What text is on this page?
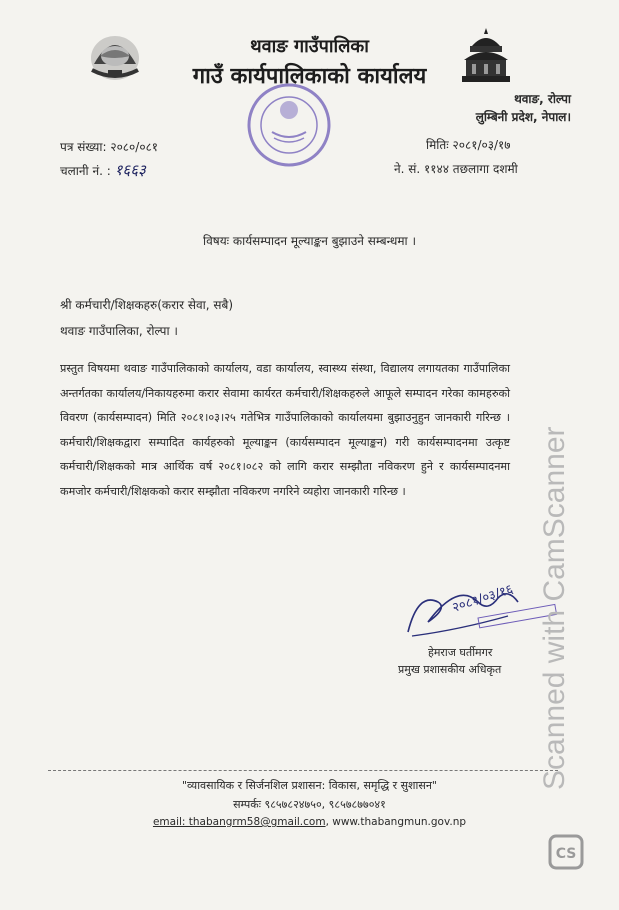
थवाङ गाउँपालिका
गाउँ कार्यपालिकाको कार्यालय
थवाङ, रोल्पा
लुम्बिनी प्रदेश, नेपाल।
पत्र संख्या: २०८०/०८१
चलानी नं. : १६६३
मितिः २०८१/०३/१७
ने. सं. ११४४ तछलागा दशमी
विषयः कार्यसम्पादन मूल्याङ्कन बुझाउने सम्बन्धमा ।
श्री कर्मचारी/शिक्षकहरु(करार सेवा, सबै)
थवाङ गाउँपालिका, रोल्पा ।
प्रस्तुत विषयमा थवाङ गाउँपालिकाको कार्यालय, वडा कार्यालय, स्वास्थ्य संस्था, विद्यालय लगायतका गाउँपालिका अन्तर्गतका कार्यालय/निकायहरुमा करार सेवामा कार्यरत कर्मचारी/शिक्षकहरुले आफूले सम्पादन गरेका कामहरुको विवरण (कार्यसम्पादन) मिति २०८१।०३।२५ गतेभित्र गाउँपालिकाको कार्यालयमा बुझाउनुहुन जानकारी गरिन्छ । कर्मचारी/शिक्षकद्वारा सम्पादित कार्यहरुको मूल्याङ्कन (कार्यसम्पादन मूल्याङ्कन) गरी कार्यसम्पादनमा उत्कृष्ट कर्मचारी/शिक्षकको मात्र आर्थिक वर्ष २०८१।०८२ को लागि करार सम्झौता नविकरण हुने र कार्यसम्पादनमा कमजोर कर्मचारी/शिक्षकको करार सम्झौता नविकरण नगरिने व्यहोरा जानकारी गरिन्छ ।
२०८१/०३/१६
हेमराज घर्तीमगर
प्रमुख प्रशासकीय अधिकृत
"व्यावसायिक र सिर्जनशिल प्रशासन: विकास, समृद्धि र सुशासन"
सम्पर्कः ९८५७८२४७५०, ९८५७८७७०४१
email: thabangrm58@gmail.com, www.thabangmun.gov.np
Scanned with CamScanner
CS
